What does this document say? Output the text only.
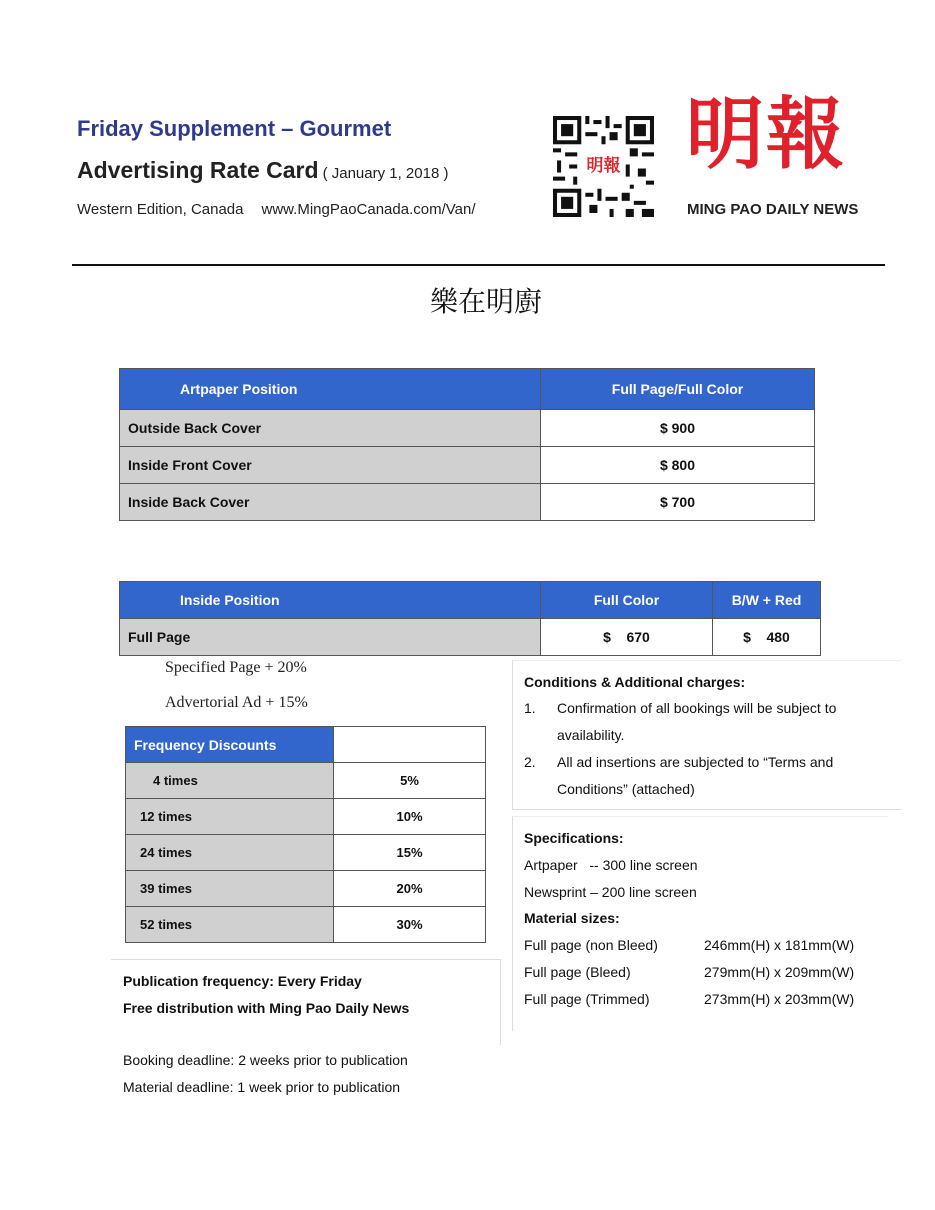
Friday Supplement – Gourmet
Advertising Rate Card ( January 1, 2018 )
Western Edition, Canada www.MingPaoCanada.com/Van/
明報 明報
MING PAO DAILY NEWS
樂在明廚
Artpaper Position	Full Page/Full Color
Outside Back Cover	$ 900
Inside Front Cover	$ 800
Inside Back Cover	$ 700
Inside Position	Full Color	B/W + Red
Full Page	$    670	$    480
Specified Page + 20%
Advertorial Ad + 15%
Frequency Discounts	
4 times	5%
12 times	10%
24 times	15%
39 times	20%
52 times	30%
Conditions & Additional charges:
1. Confirmation of all bookings will be subject to availability.
2. All ad insertions are subjected to “Terms and Conditions” (attached)
Specifications:
Artpaper   -- 300 line screen
Newsprint – 200 line screen
Material sizes:
Full page (non Bleed)	246mm(H) x 181mm(W)
Full page (Bleed)	279mm(H) x 209mm(W)
Full page (Trimmed)	273mm(H) x 203mm(W)
Publication frequency: Every Friday
Free distribution with Ming Pao Daily News
Booking deadline: 2 weeks prior to publication
Material deadline: 1 week prior to publication
